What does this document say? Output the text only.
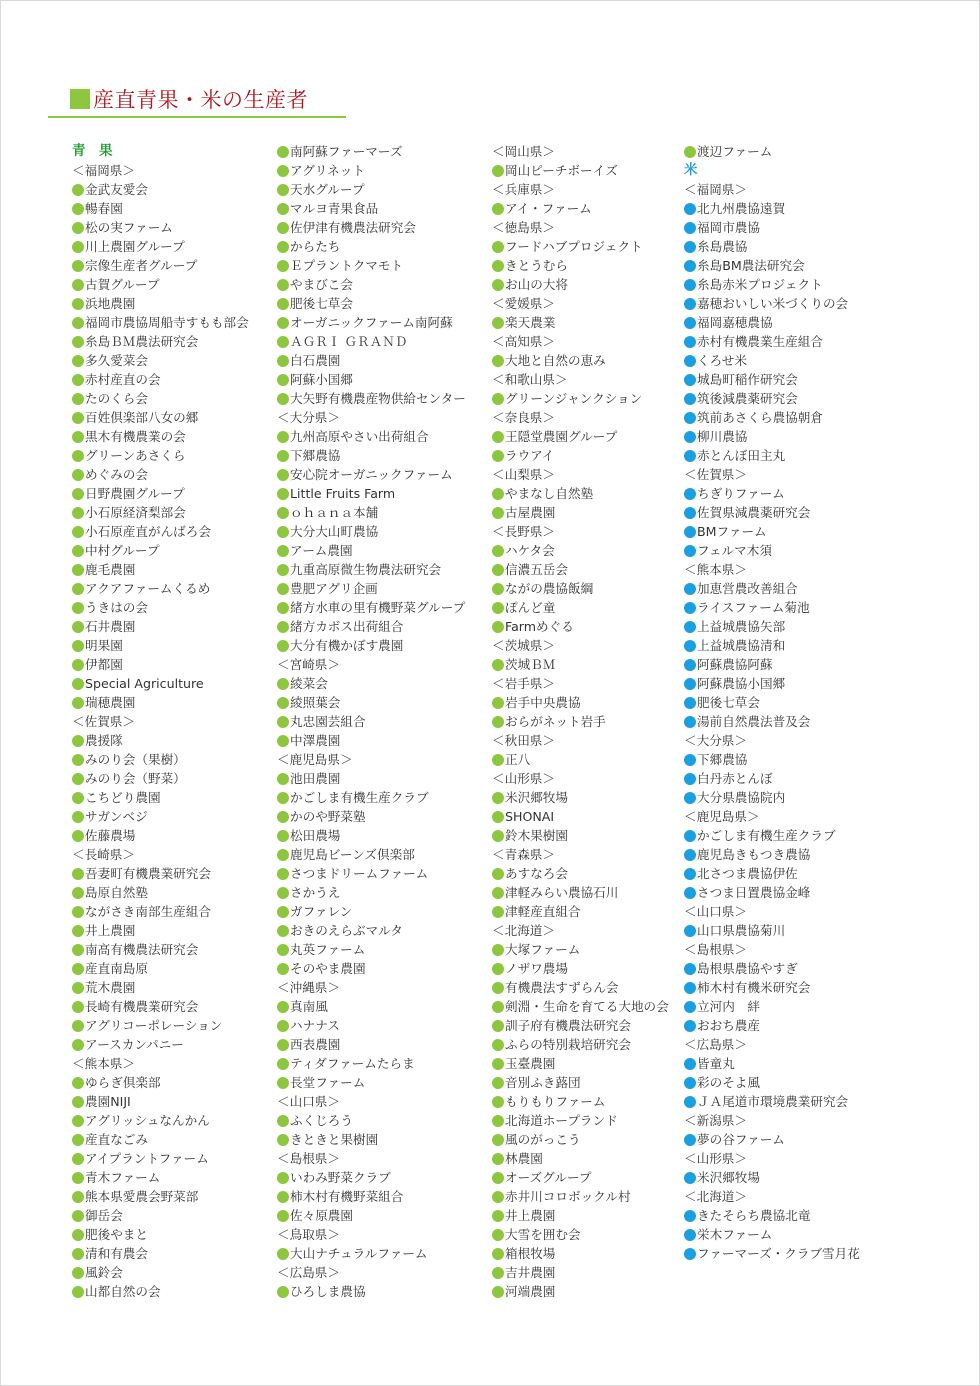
産直青果・米の生産者
青　果
＜福岡県＞
金武友愛会
暢春園
松の実ファーム
川上農園グループ
宗像生産者グループ
古賀グループ
浜地農園
福岡市農協周船寺すもも部会
糸島ＢＭ農法研究会
多久愛菜会
赤村産直の会
たのくら会
百姓倶楽部八女の郷
黒木有機農業の会
グリーンあさくら
めぐみの会
日野農園グループ
小石原経済梨部会
小石原産直がんばろ会
中村グループ
鹿毛農園
アクアファームくるめ
うきはの会
石井農園
明果園
伊都園
Special Agriculture
瑞穂農園
＜佐賀県＞
農援隊
みのり会（果樹）
みのり会（野菜）
こちどり農園
サガンベジ
佐藤農場
＜長崎県＞
吾妻町有機農業研究会
島原自然塾
ながさき南部生産組合
井上農園
南高有機農法研究会
産直南島原
荒木農園
長崎有機農業研究会
アグリコーポレーション
アースカンパニー
＜熊本県＞
ゆらぎ倶楽部
農園NIJI
アグリッシュなんかん
産直なごみ
アイプラントファーム
青木ファーム
熊本県愛農会野菜部
御岳会
肥後やまと
清和有農会
風鈴会
山都自然の会
南阿蘇ファーマーズ
アグリネット
天水グループ
マルヨ青果食品
佐伊津有機農法研究会
からたち
Ｅプラントクマモト
やまびこ会
肥後七草会
オーガニックファーム南阿蘇
ＡＧＲＩ ＧＲＡＮＤ
白石農園
阿蘇小国郷
大矢野有機農産物供給センター
＜大分県＞
九州高原やさい出荷組合
下郷農協
安心院オーガニックファーム
Little Fruits Farm
ｏｈａｎａ本舗
大分大山町農協
アーム農園
九重高原微生物農法研究会
豊肥アグリ企画
緒方水車の里有機野菜グループ
緒方カボス出荷組合
大分有機かぼす農園
＜宮崎県＞
綾菜会
綾照葉会
丸忠園芸組合
中澤農園
＜鹿児島県＞
池田農園
かごしま有機生産クラブ
かのや野菜塾
松田農場
鹿児島ビーンズ倶楽部
さつまドリームファーム
さかうえ
ガファレン
おきのえらぶマルタ
丸英ファーム
そのやま農園
＜沖縄県＞
真南風
ハナナス
西表農園
ティダファームたらま
長堂ファーム
＜山口県＞
ふくじろう
きときと果樹園
＜島根県＞
いわみ野菜クラブ
柿木村有機野菜組合
佐々原農園
＜鳥取県＞
大山ナチュラルファーム
＜広島県＞
ひろしま農協
＜岡山県＞
岡山ピーチボーイズ
＜兵庫県＞
アイ・ファーム
＜徳島県＞
フードハブプロジェクト
きとうむら
お山の大将
＜愛媛県＞
楽天農業
＜高知県＞
大地と自然の恵み
＜和歌山県＞
グリーンジャンクション
＜奈良県＞
王隠堂農園グループ
ラウアイ
＜山梨県＞
やまなし自然塾
古屋農園
＜長野県＞
ハケタ会
信濃五岳会
ながの農協飯綱
ぽんど童
Farmめぐる
＜茨城県＞
茨城ＢＭ
＜岩手県＞
岩手中央農協
おらがネット岩手
＜秋田県＞
正八
＜山形県＞
米沢郷牧場
SHONAI
鈴木果樹園
＜青森県＞
あすなろ会
津軽みらい農協石川
津軽産直組合
＜北海道＞
大塚ファーム
ノザワ農場
有機農法すずらん会
剣淵・生命を育てる大地の会
訓子府有機農法研究会
ふらの特別栽培研究会
玉臺農園
音別ふき蕗団
もりもりファーム
北海道ホープランド
風のがっこう
林農園
オーズグループ
赤井川コロボックル村
井上農園
大雪を囲む会
箱根牧場
吉井農園
河端農園
渡辺ファーム
米
＜福岡県＞
北九州農協遠賀
福岡市農協
糸島農協
糸島BM農法研究会
糸島赤米プロジェクト
嘉穂おいしい米づくりの会
福岡嘉穂農協
赤村有機農業生産組合
くろせ米
城島町稲作研究会
筑後減農薬研究会
筑前あさくら農協朝倉
柳川農協
赤とんぼ田主丸
＜佐賀県＞
ちぎりファーム
佐賀県減農薬研究会
BMファーム
フェルマ木須
＜熊本県＞
加恵営農改善組合
ライスファーム菊池
上益城農協矢部
上益城農協清和
阿蘇農協阿蘇
阿蘇農協小国郷
肥後七草会
湯前自然農法普及会
＜大分県＞
下郷農協
白丹赤とんぼ
大分県農協院内
＜鹿児島県＞
かごしま有機生産クラブ
鹿児島きもつき農協
北さつま農協伊佐
さつま日置農協金峰
＜山口県＞
山口県農協菊川
＜島根県＞
島根県農協やすぎ
柿木村有機米研究会
立河内　絆
おおち農産
＜広島県＞
皆童丸
彩のそよ風
ＪＡ尾道市環境農業研究会
＜新潟県＞
夢の谷ファーム
＜山形県＞
米沢郷牧場
＜北海道＞
きたそらち農協北竜
栄木ファーム
ファーマーズ・クラブ雪月花
